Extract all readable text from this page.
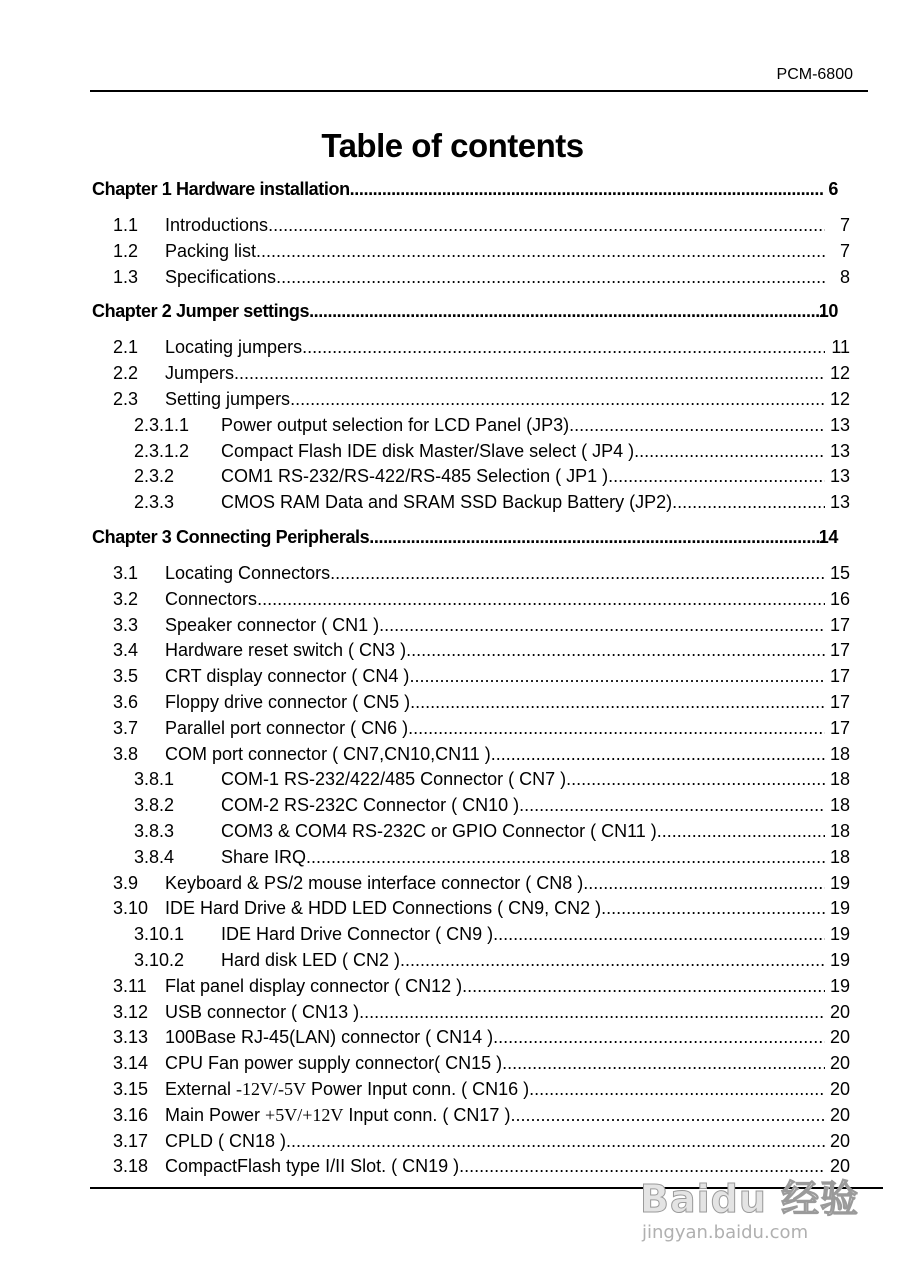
PCM-6800
Table of contents
Chapter 1 Hardware installation .....	6
1.1 Introductions .....	7
1.2 Packing list .....	7
1.3 Specifications .....	8
Chapter 2 Jumper settings .....	10
2.1 Locating jumpers .....	11
2.2 Jumpers .....	12
2.3 Setting jumpers .....	12
2.3.1.1 Power output selection for LCD Panel (JP3) .....	13
2.3.1.2 Compact Flash IDE disk Master/Slave select ( JP4 ) .....	13
2.3.2	COM1 RS-232/RS-422/RS-485 Selection ( JP1 ) .....	13
2.3.3	CMOS RAM Data and SRAM SSD Backup Battery (JP2) .....	13
Chapter 3 Connecting Peripherals .....	14
3.1 Locating Connectors .....	15
3.2 Connectors .....	16
3.3 Speaker connector ( CN1 ) .....	17
3.4 Hardware reset switch ( CN3 ) .....	17
3.5 CRT display connector ( CN4 ) .....	17
3.6 Floppy drive connector ( CN5 ) .....	17
3.7 Parallel port connector ( CN6 ) .....	17
3.8 COM port connector ( CN7,CN10,CN11 ) .....	18
3.8.1	COM-1 RS-232/422/485 Connector ( CN7 ) .....	18
3.8.2	COM-2 RS-232C Connector ( CN10 ) .....	18
3.8.3	COM3 & COM4 RS-232C or GPIO Connector ( CN11 ) .....	18
3.8.4	Share IRQ .....	18
3.9 Keyboard & PS/2 mouse interface connector ( CN8 ) .....	19
3.10 IDE Hard Drive & HDD LED Connections ( CN9, CN2 ) .....	19
3.10.1 IDE Hard Drive Connector ( CN9 ) .....	19
3.10.2 Hard disk LED ( CN2 ) .....	19
3.11 Flat panel display connector ( CN12 ) .....	19
3.12 USB connector ( CN13 ) .....	20
3.13 100Base RJ-45(LAN) connector ( CN14 ) .....	20
3.14 CPU Fan power supply connector( CN15 ) .....	20
3.15 External -12V/-5V Power Input conn. ( CN16 ) .....	20
3.16 Main Power +5V/+12V Input conn. ( CN17 ) .....	20
3.17 CPLD ( CN18 ) .....	20
3.18 CompactFlash type I/II Slot. ( CN19 ) .....	20
Baidu 经验
jingyan.baidu.com
